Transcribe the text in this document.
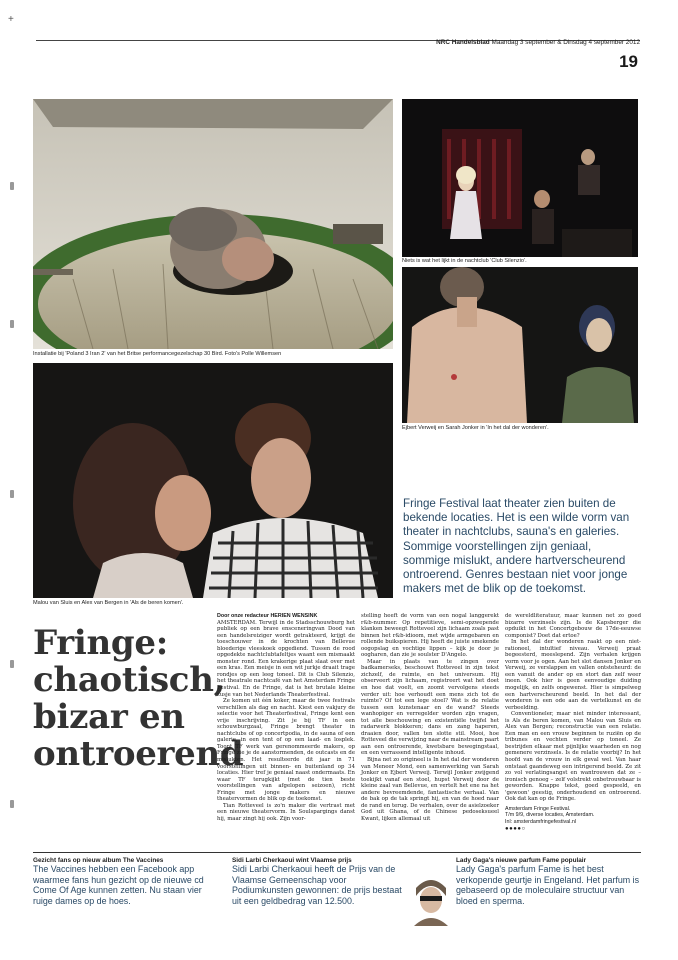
+
NRC Handelsblad Maandag 3 september & Dinsdag 4 september 2012
19
Installatie bij 'Poland 3 Iran 2' van het Britse performancegezelschap 30 Bird. Foto's Polle Willemsen
Niets is wat het lijkt in de nachtclub 'Club Silenzio'.
Ejbert Verweij en Sarah Jonker in 'In het dal der wonderen'.
Malou van Sluis en Alex van Bergen in 'Als de beren komen'.
Fringe Festival laat theater zien buiten de bekende locaties. Het is een wilde vorm van theater in nachtclubs, sauna's en galeries. Sommige voorstellingen zijn geniaal, sommige mislukt, andere hartverscheurend ontroerend. Genres bestaan niet voor jonge makers met de blik op de toekomst.
Fringe: chaotisch, bizar en ontroerend

Door onze redacteur HERIEN WENSINK

AMSTERDAM. Terwijl in de Stadsschouwburg het publiek op een brave ensceneringvan Dood van een handelsreiziger wordt getrakteerd, krijgt de toeschouwer in de krochten van Bellevue bloederige vleeskoek opgediend. Tussen de rood opgedekte nachtclubtafeltjes waant een mismaakt monster rond. Een krakerige plaat slaat over met een kras. Een meisje in een wit jurkje draait trage rondjes op een leeg toneel. Dit is Club Silenzio, het theatrale nachtcafé van het Amsterdam Fringe Festival. En de Fringe, dat is het brutale kleine zusje van het Nederlands Theaterfestival.

Ze komen uit één koker, maar de twee festivals verschillen als dag en nacht. Kiest een vakjury de selectie voor het Theaterfestival, Fringe kent een vrije inschrijving. Zit je bij TF in een schouwburgzaal, Fringe brengt theater in nachtclubs of op concertpodia, in de sauna of een galerie, in een tent of op een laad- en losplek. Toont TF werk van gerenommeerde makers, op Fringe zie je de aanstormenden, de outcasts en de mislukten. Het resulteerde dit jaar in 71 voorstellingen uit binnen- en buitenland op 34 locaties. Hier tref je geniaal naast ondermaats. En waar TF terugkijkt (met de tien beste voorstellingen van afgelopen seizoen), richt Fringe met jonge makers en nieuwe theatervormen de blik op de toekomst.

Tian Rotteveel is zo'n maker die vertrast met een nieuwe theatervorm. In Soulspargings danst hij, maar zingt hij ook. Zijn voor-

stelling heeft de vorm van een nogal langgerekt r&b-nummer. Op repetitieve, semi-opzwepende klanken beweegt Rotteveel zijn lichaam zoals past binnen het r&b-idioom, met wijde armgebaren en rollende buikspieren. Hij heeft de juiste smekende oogopslag en vochtige lippen – kijk je door je oogharen, dan zie je soulster D'Angelo.

Maar in plaats van te zingen over badkamerseks, beschouwt Rotteveel in zijn tekst zichzelf, de ruimte, en het universum. Hij observeert zijn lichaam, registreert wat het doet en hoe dat voelt, en zoomt vervolgens steeds verder uit: hoe verhoudt een mens zich tot de ruimte? Of tot een lege stoel? Wat is de relatie tussen een kunstenaar en de wand? Steeds wanhopiger en verregelder worden zijn vragen, tot alle beschouwing en existentiële twijfel het radarwerk blokkeren; dans en zang haperen, draaien door, vallen ten slotte stil. Mooi, hoe Rotteveel die verwijzing naar de mainstream paart aan een ontroerende, kwetsbare bewegingstaal, en een verrassend intelligente inhoud.

Bijna net zo origineel is In het dal der wonderen van Meneer Mond, een samenwerking van Sarah Jonker en Ejbert Verweij. Terwijl Jonker zwijgend toekijkt vanaf een stoel, hupst Verweij door de kleine zaal van Bellevue, en vertelt het ene na het andere bevreemdende, fantastische verhaal. Van de bak op de tak springt hij, en van de hoed naar de rand en terug. De verhalen, over de asielzoeker God uit Ghana, of de Chinese pedoseksueel Kwant, lijken allemaal uit

de wereldliteratuur, maar kunnen net zo goed bizarre verzinsels zijn. Is de Kapsberger die opduikt in het Concertgebouw de 17de-eeuwse componist? Doet dat ertoe?

In het dal der wonderen raakt op een niet-rationeel, intuïtief niveau. Verweij praat begeesterd, meeslepend. Zijn verhalen krijgen vorm voor je ogen. Aan het slot dansen Jonker en Verweij, ze verslappen en vallen ontsteheurd: de een vanuit de ander op en stort dan zelf weer ineen. Ook hier is geen eenvoudige duiding mogelijk, en zelfs ongewenst. Hier is simpelweg een hartverscheurend beeld. In het dal der wonderen is een ode aan de vertelkunst en de verbeelding.

Conventioneler, maar niet minder interessant, is Als de beren komen, van Malou van Sluis en Alex van Bergen; reconstructie van een relatie. Een man en een vrouw beginnen te ruziën op de tribunes en vechten verder op toneel. Ze bestrijden elkaar met pijnlijke waarheden en nog gemenere verzinsels. Is de relatie voorbij? In het hoofd van de vrouw in elk geval wel. Van haar ontstaat gaandeweg een intrigerend beeld. Ze zit zo vol verlatingsangst en wantrouwen dat ze – ironisch genoeg – zelf volstrekt onbetrouwbaar is geworden. Knappe tekst, goed gespeeld, en 'gewoon' geestig, onderhoudend en ontroerend. Ook dat kan op de Fringe.

Amsterdam Fringe Festival.

T/m 9/9, diverse locaties, Amsterdam.

Inl: amsterdamfringefestival.nl

●●●●○

Gezicht fans op nieuw album The Vaccines
The Vaccines hebben een Facebook app waarmee fans hun gezicht op de nieuwe cd Come Of Age kunnen zetten. Nu staan vier ruige dames op de hoes.
Sidi Larbi Cherkaoui wint Vlaamse prijs
Sidi Larbi Cherkaoui heeft de Prijs van de Vlaamse Gemeenschap voor Podiumkunsten gewonnen: de prijs bestaat uit een geldbedrag van 12.500.
Lady Gaga's nieuwe parfum Fame populair
Lady Gaga's parfum Fame is het best verkopende geurtje in Engeland. Het parfum is gebaseerd op de moleculaire structuur van bloed en sperma.
